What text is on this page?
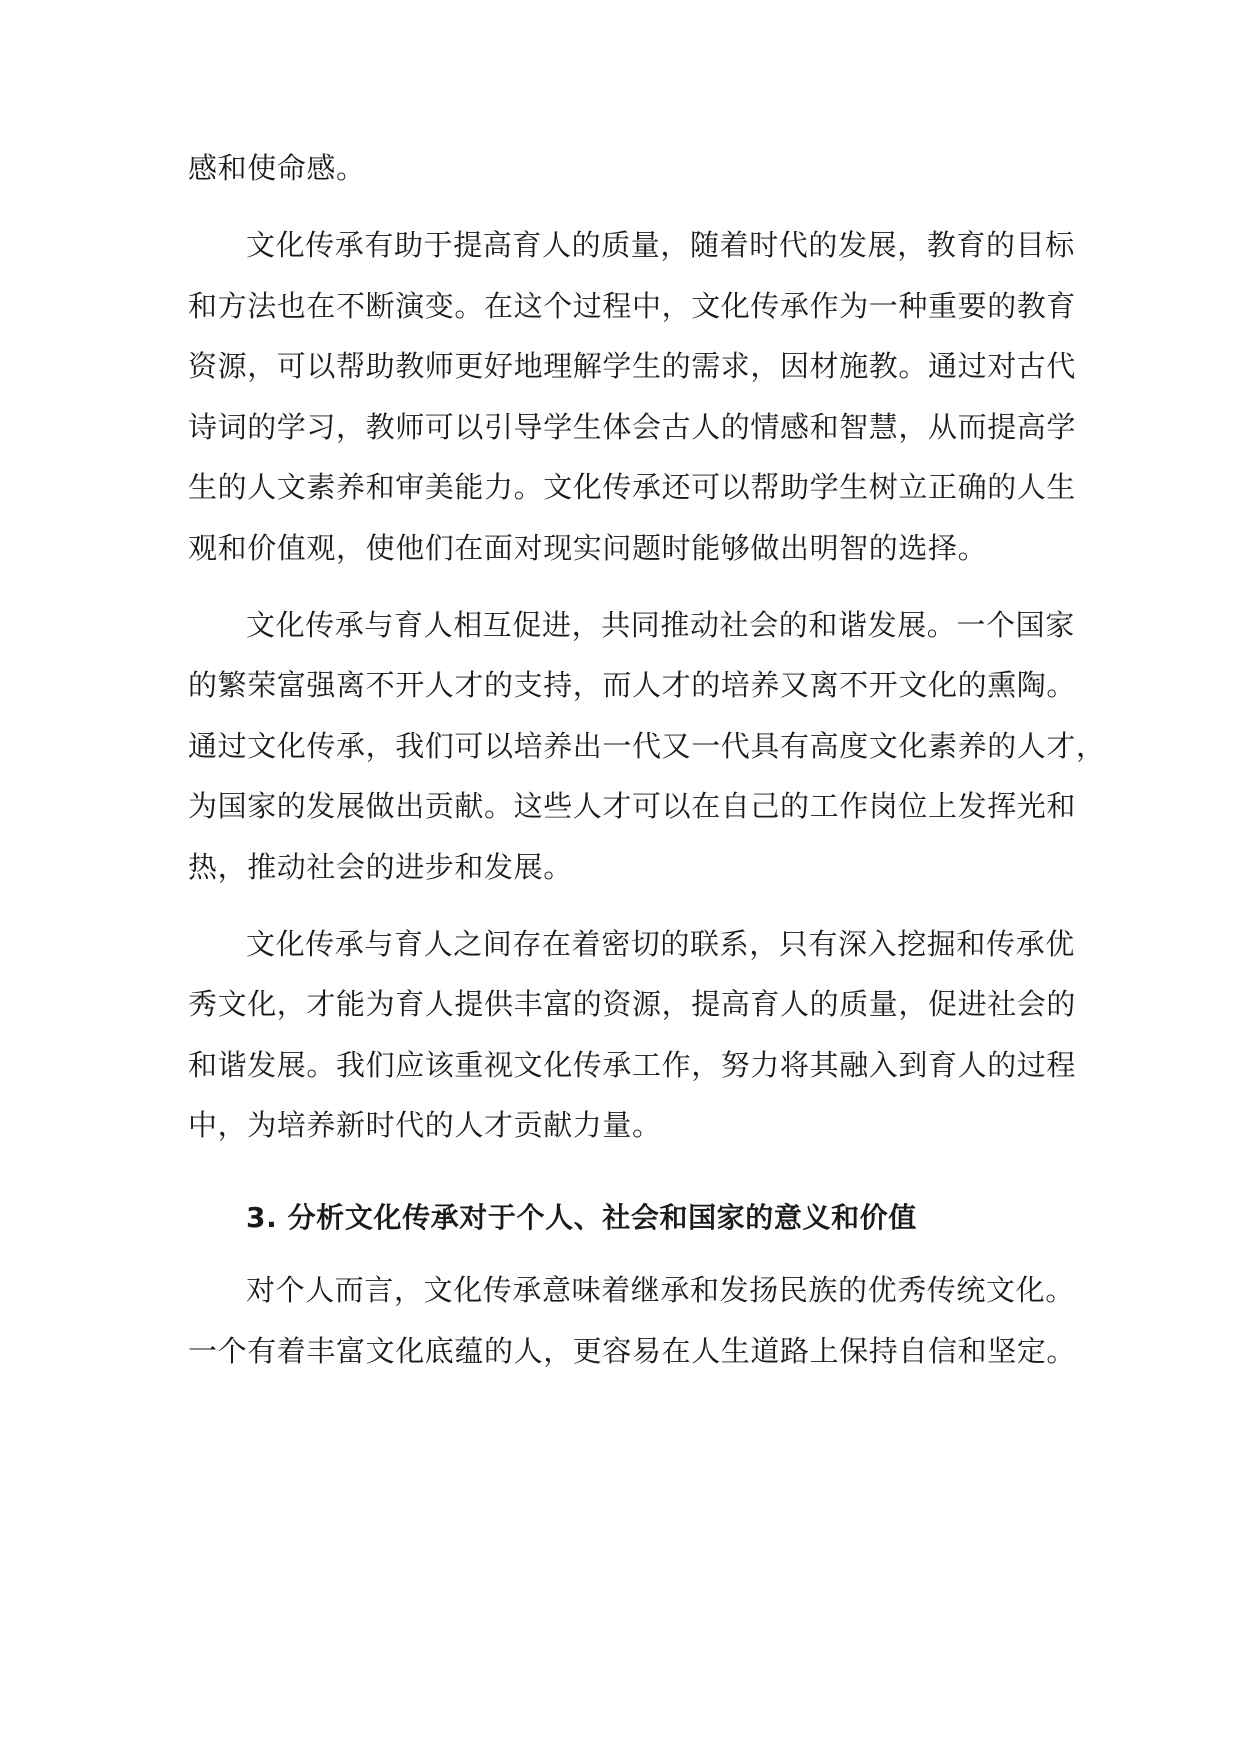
感和使命感。

文化传承有助于提高育人的质量，随着时代的发展，教育的目标

和方法也在不断演变。在这个过程中，文化传承作为一种重要的教育

资源，可以帮助教师更好地理解学生的需求，因材施教。通过对古代

诗词的学习，教师可以引导学生体会古人的情感和智慧，从而提高学

生的人文素养和审美能力。文化传承还可以帮助学生树立正确的人生

观和价值观，使他们在面对现实问题时能够做出明智的选择。

文化传承与育人相互促进，共同推动社会的和谐发展。一个国家

的繁荣富强离不开人才的支持，而人才的培养又离不开文化的熏陶。

通过文化传承，我们可以培养出一代又一代具有高度文化素养的人才，

为国家的发展做出贡献。这些人才可以在自己的工作岗位上发挥光和

热，推动社会的进步和发展。

文化传承与育人之间存在着密切的联系，只有深入挖掘和传承优

秀文化，才能为育人提供丰富的资源，提高育人的质量，促进社会的

和谐发展。我们应该重视文化传承工作，努力将其融入到育人的过程

中，为培养新时代的人才贡献力量。

3. 分析文化传承对于个人、社会和国家的意义和价值

对个人而言，文化传承意味着继承和发扬民族的优秀传统文化。

一个有着丰富文化底蕴的人，更容易在人生道路上保持自信和坚定。
